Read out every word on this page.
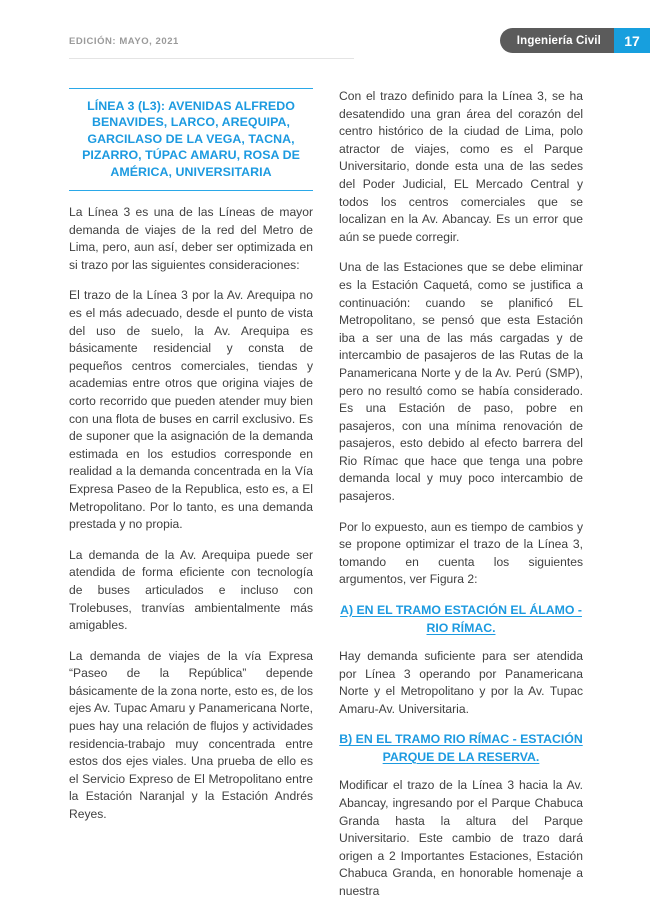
EDICIÓN: MAYO, 2021	Ingeniería Civil	17
LÍNEA 3 (L3): AVENIDAS ALFREDO BENAVIDES, LARCO, AREQUIPA, GARCILASO DE LA VEGA, TACNA, PIZARRO, TÚPAC AMARU, ROSA DE AMÉRICA, UNIVERSITARIA

La Línea 3 es una de las Líneas de mayor demanda de viajes de la red del Metro de Lima, pero, aun así, deber ser optimizada en si trazo por las siguientes consideraciones:

El trazo de la Línea 3 por la Av. Arequipa no es el más adecuado, desde el punto de vista del uso de suelo, la Av. Arequipa es básicamente residencial y consta de pequeños centros comerciales, tiendas y academias entre otros que origina viajes de corto recorrido que pueden atender muy bien con una flota de buses en carril exclusivo. Es de suponer que la asignación de la demanda estimada en los estudios corresponde en realidad a la demanda concentrada en la Vía Expresa Paseo de la Republica, esto es, a El Metropolitano. Por lo tanto, es una demanda prestada y no propia.

La demanda de la Av. Arequipa puede ser atendida de forma eficiente con tecnología de buses articulados e incluso con Trolebuses, tranvías ambientalmente más amigables.

La demanda de viajes de la vía Expresa “Paseo de la República” depende básicamente de la zona norte, esto es, de los ejes Av. Tupac Amaru y Panamericana Norte, pues hay una relación de flujos y actividades residencia-trabajo muy concentrada entre estos dos ejes viales. Una prueba de ello es el Servicio Expreso de El Metropolitano entre la Estación Naranjal y la Estación Andrés Reyes.

Con el trazo definido para la Línea 3, se ha desatendido una gran área del corazón del centro histórico de la ciudad de Lima, polo atractor de viajes, como es el Parque Universitario, donde esta una de las sedes del Poder Judicial, EL Mercado Central y todos los centros comerciales que se localizan en la Av. Abancay. Es un error que aún se puede corregir.

Una de las Estaciones que se debe eliminar es la Estación Caquetá, como se justifica a continuación: cuando se planificó EL Metropolitano, se pensó que esta Estación iba a ser una de las más cargadas y de intercambio de pasajeros de las Rutas de la Panamericana Norte y de la Av. Perú (SMP), pero no resultó como se había considerado. Es una Estación de paso, pobre en pasajeros, con una mínima renovación de pasajeros, esto debido al efecto barrera del Rio Rímac que hace que tenga una pobre demanda local y muy poco intercambio de pasajeros.

Por lo expuesto, aun es tiempo de cambios y se propone optimizar el trazo de la Línea 3, tomando en cuenta los siguientes argumentos, ver Figura 2:

A) EN EL TRAMO ESTACIÓN EL ÁLAMO - RIO RÍMAC.

Hay demanda suficiente para ser atendida por Línea 3 operando por Panamericana Norte y el Metropolitano y por la Av. Tupac Amaru-Av. Universitaria.

B) EN EL TRAMO RIO RÍMAC - ESTACIÓN PARQUE DE LA RESERVA.

Modificar el trazo de la Línea 3 hacia la Av. Abancay, ingresando por el Parque Chabuca Granda hasta la altura del Parque Universitario. Este cambio de trazo dará origen a 2 Importantes Estaciones, Estación Chabuca Granda, en honorable homenaje a nuestra
